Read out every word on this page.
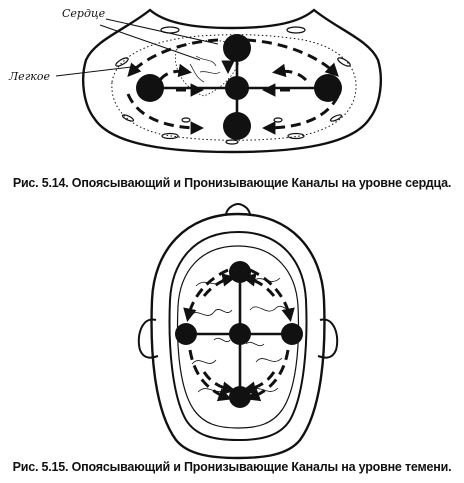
Сердце
Легкое
Рис. 5.14. Опоясывающий и Пронизывающие Каналы на уровне сердца.
Рис. 5.15. Опоясывающий и Пронизывающие Каналы на уровне темени.
